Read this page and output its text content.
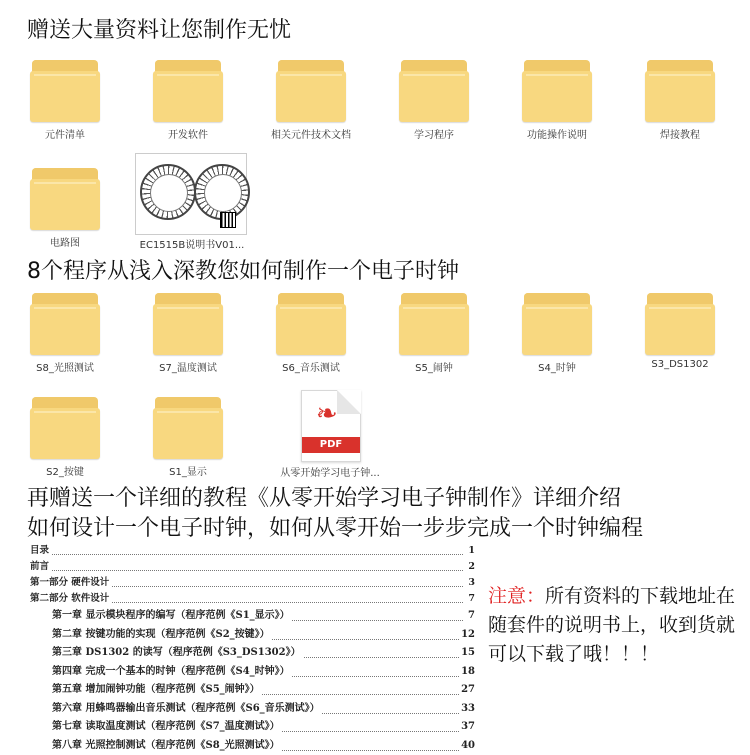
赠送大量资料让您制作无忧
元件清单	开发软件	相关元件技术文档	学习程序	功能操作说明	焊接教程
电路图	EC1515B说明书V01...
8个程序从浅入深教您如何制作一个电子时钟
S8_光照测试	S7_温度测试	S6_音乐测试	S5_闹钟	S4_时钟	S3_DS1302
S2_按键	S1_显示
❧
PDF
从零开始学习电子钟...
再赠送一个详细的教程《从零开始学习电子钟制作》详细介绍
如何设计一个电子时钟，如何从零开始一步步完成一个时钟编程
目录	1
前言	2
第一部分 硬件设计	3
第二部分 软件设计	7
第一章 显示模块程序的编写（程序范例《S1_显示》）	7
第二章 按键功能的实现（程序范例《S2_按键》）	12
第三章 DS1302 的读写（程序范例《S3_DS1302》）	15
第四章 完成一个基本的时钟（程序范例《S4_时钟》）	18
第五章 增加闹钟功能（程序范例《S5_闹钟》）	27
第六章 用蜂鸣器输出音乐测试（程序范例《S6_音乐测试》）	33
第七章 读取温度测试（程序范例《S7_温度测试》）	37
第八章 光照控制测试（程序范例《S8_光照测试》）	40
注意：所有资料的下载地址在随套件的说明书上，收到货就可以下载了哦！！！
